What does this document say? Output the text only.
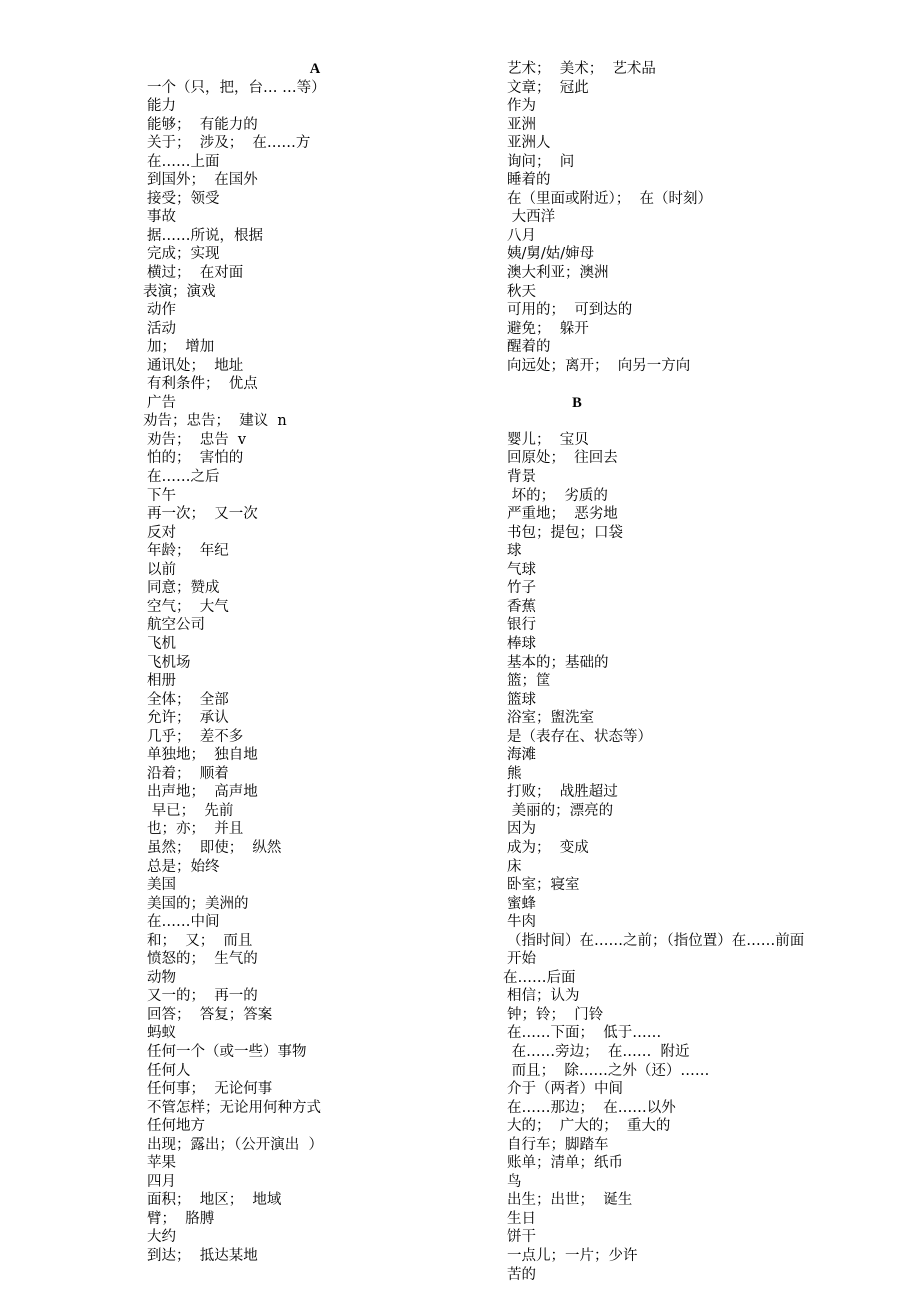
A
一个（只，把，台… …等）
能力
能够；  有能力的
关于；  涉及；  在……方
在……上面
到国外；  在国外
接受；领受
事故
据……所说，根据
完成；实现
横过；  在对面
表演；演戏
动作
活动
加；  增加
通讯处；  地址
有利条件；  优点
广告
劝告；忠告；  建议  n
劝告；  忠告  v
怕的；  害怕的
在……之后
下午
再一次；  又一次
反对
年龄；  年纪
以前
同意；赞成
空气；  大气
航空公司
飞机
飞机场
相册
全体；  全部
允许；  承认
几乎；  差不多
单独地；  独自地
沿着；  顺着
出声地；  高声地
早已；  先前
也；亦；  并且
虽然；  即使；  纵然
总是；始终
美国
美国的；美洲的
在……中间
和；  又；  而且
愤怒的；  生气的
动物
又一的；  再一的
回答；  答复；答案
蚂蚁
任何一个（或一些）事物
任何人
任何事；  无论何事
不管怎样；无论用何种方式
任何地方
出现；露出；（公开演出  ）
苹果
四月
面积；  地区；  地域
臂；  胳膊
大约
到达；  抵达某地
艺术；  美术；  艺术品
文章；  冠此
作为
亚洲
亚洲人
询问；  问
睡着的
在（里面或附近）；  在（时刻）
大西洋
八月
姨/舅/姑/婶母
澳大利亚；澳洲
秋天
可用的；  可到达的
避免；  躲开
醒着的
向远处；离开；  向另一方向
B
婴儿；  宝贝
回原处；  往回去
背景
坏的；  劣质的
严重地；  恶劣地
书包；提包；口袋
球
气球
竹子
香蕉
银行
棒球
基本的；基础的
篮；筐
篮球
浴室；盥洗室
是（表存在、状态等）
海滩
熊
打败；  战胜超过
美丽的；漂亮的
因为
成为；  变成
床
卧室；寝室
蜜蜂
牛肉
（指时间）在……之前；（指位置）在……前面
开始
在……后面
相信；认为
钟；铃；  门铃
在……下面；  低于……
在……旁边；  在……  附近
而且；  除……之外（还）……
介于（两者）中间
在……那边；  在……以外
大的；  广大的；  重大的
自行车；脚踏车
账单；清单；纸币
鸟
出生；出世；  诞生
生日
饼干
一点儿；一片；少许
苦的
